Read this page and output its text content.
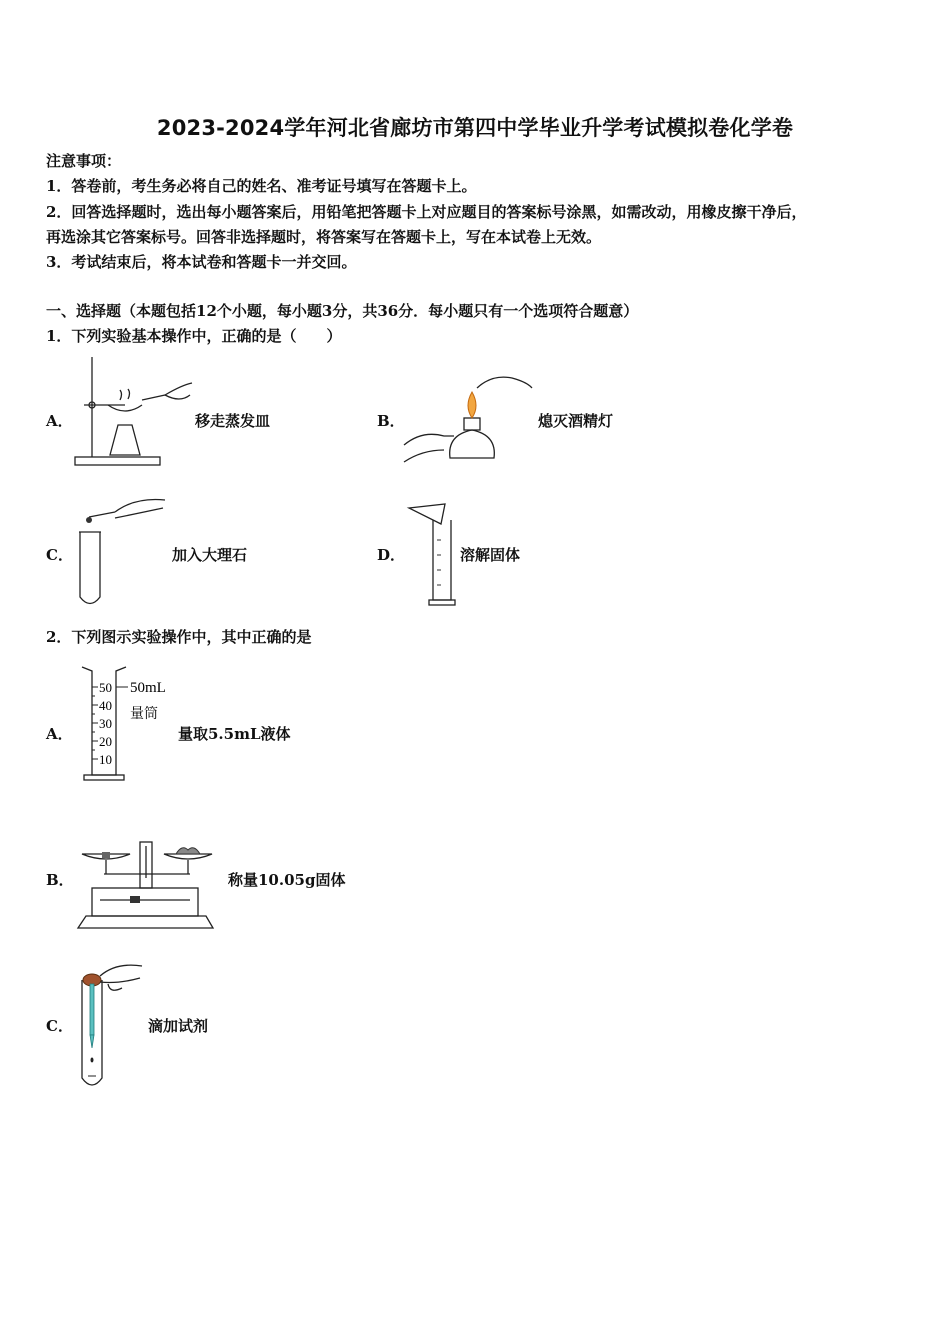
2023-2024学年河北省廊坊市第四中学毕业升学考试模拟卷化学卷
注意事项：
1．答卷前，考生务必将自己的姓名、准考证号填写在答题卡上。
2．回答选择题时，选出每小题答案后，用铅笔把答题卡上对应题目的答案标号涂黑，如需改动，用橡皮擦干净后，
再选涂其它答案标号。回答非选择题时，将答案写在答题卡上，写在本试卷上无效。
3．考试结束后，将本试卷和答题卡一并交回。
一、选择题（本题包括12个小题，每小题3分，共36分．每小题只有一个选项符合题意）
1．下列实验基本操作中，正确的是（　　）
A．	移走蒸发皿	B．	熄灭酒精灯
C．	加入大理石	D．	溶解固体
2．下列图示实验操作中，其中正确的是
A．
50
40
30
20
10
50mL
量筒
量取5.5mL液体
B．	称量10.05g固体
C．	滴加试剂
